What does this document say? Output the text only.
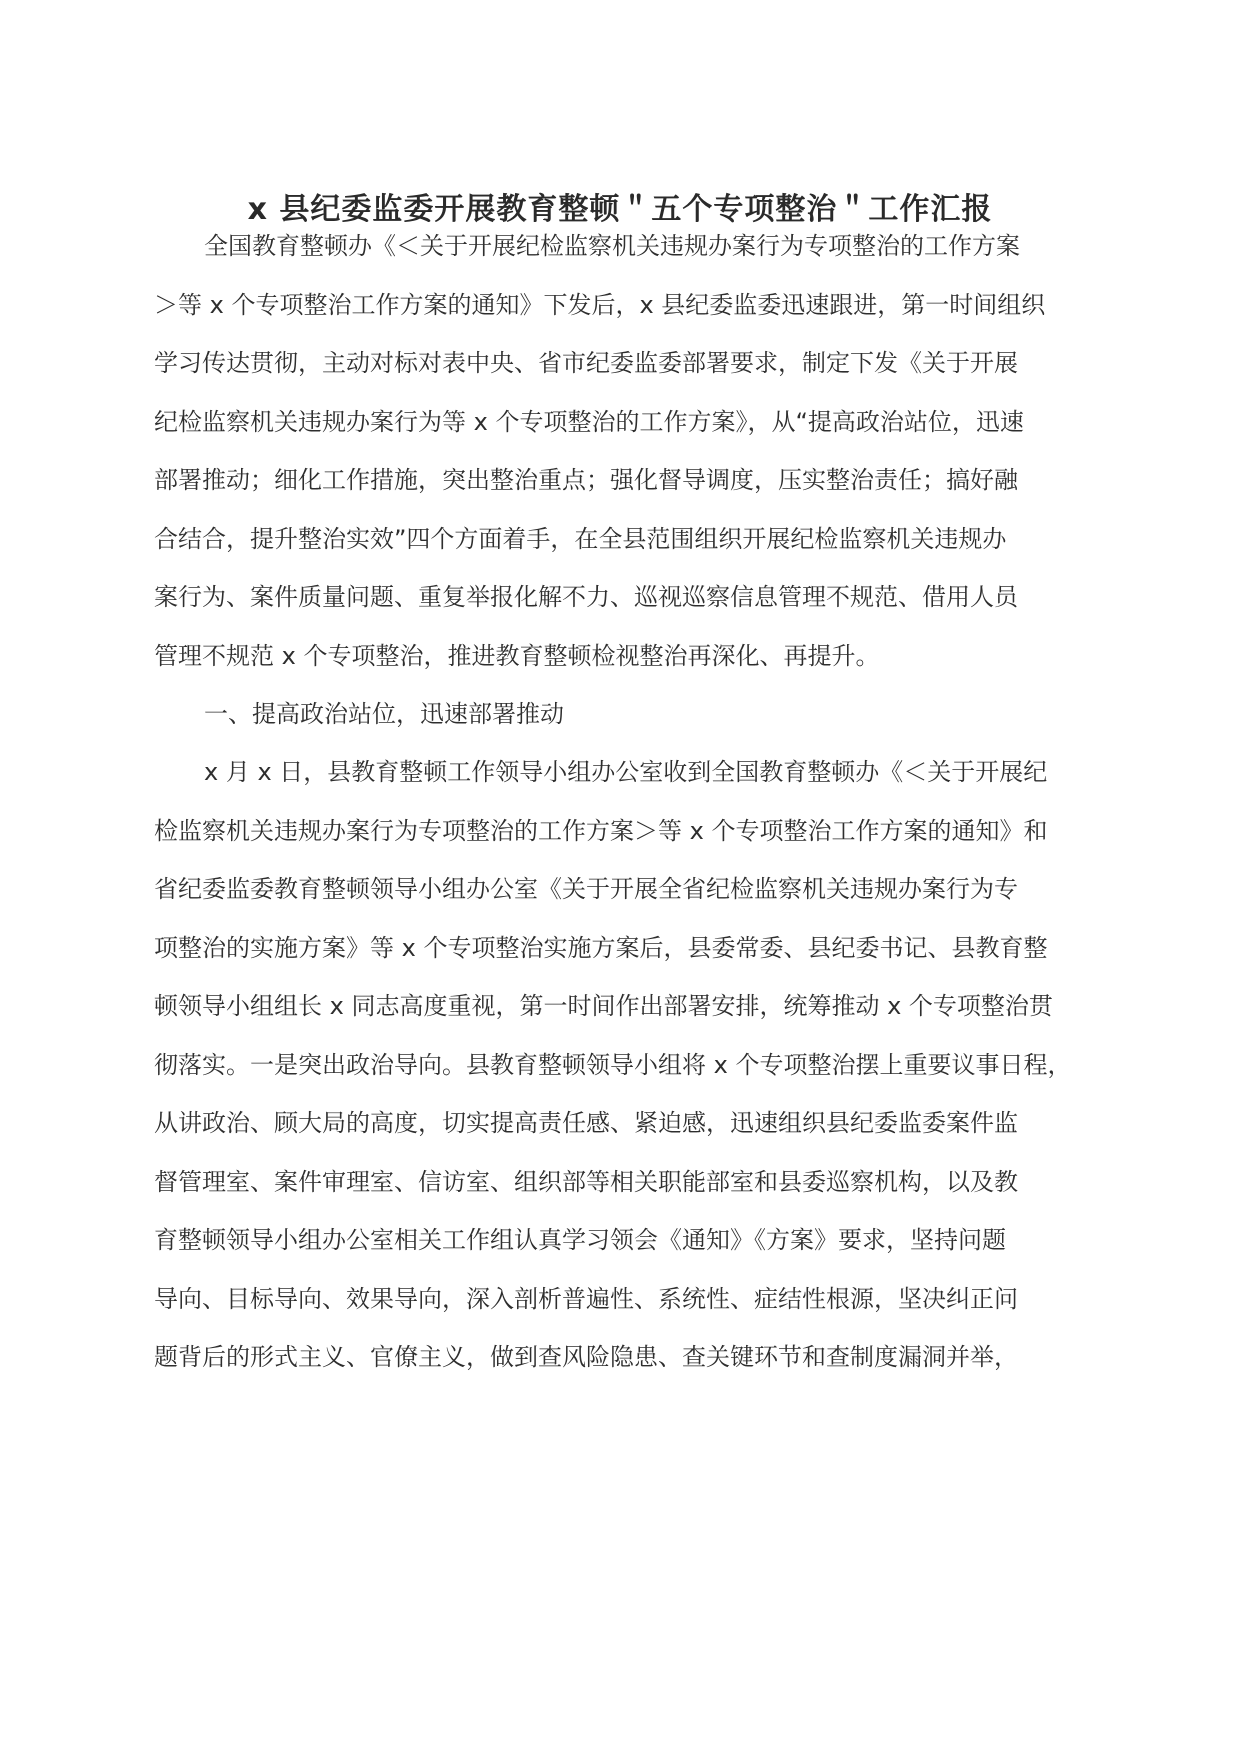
x 县纪委监委开展教育整顿＂五个专项整治＂工作汇报
全国教育整顿办《＜关于开展纪检监察机关违规办案行为专项整治的工作方案
＞等 x 个专项整治工作方案的通知》下发后，x 县纪委监委迅速跟进，第一时间组织
学习传达贯彻，主动对标对表中央、省市纪委监委部署要求，制定下发《关于开展
纪检监察机关违规办案行为等 x 个专项整治的工作方案》，从“提高政治站位，迅速
部署推动；细化工作措施，突出整治重点；强化督导调度，压实整治责任；搞好融
合结合，提升整治实效”四个方面着手，在全县范围组织开展纪检监察机关违规办
案行为、案件质量问题、重复举报化解不力、巡视巡察信息管理不规范、借用人员
管理不规范 x 个专项整治，推进教育整顿检视整治再深化、再提升。
一、提高政治站位，迅速部署推动
x 月 x 日，县教育整顿工作领导小组办公室收到全国教育整顿办《＜关于开展纪
检监察机关违规办案行为专项整治的工作方案＞等 x 个专项整治工作方案的通知》和
省纪委监委教育整顿领导小组办公室《关于开展全省纪检监察机关违规办案行为专
项整治的实施方案》等 x 个专项整治实施方案后，县委常委、县纪委书记、县教育整
顿领导小组组长 x 同志高度重视，第一时间作出部署安排，统筹推动 x 个专项整治贯
彻落实。一是突出政治导向。县教育整顿领导小组将 x 个专项整治摆上重要议事日程，
从讲政治、顾大局的高度，切实提高责任感、紧迫感，迅速组织县纪委监委案件监
督管理室、案件审理室、信访室、组织部等相关职能部室和县委巡察机构，以及教
育整顿领导小组办公室相关工作组认真学习领会《通知》《方案》要求，坚持问题
导向、目标导向、效果导向，深入剖析普遍性、系统性、症结性根源，坚决纠正问
题背后的形式主义、官僚主义，做到查风险隐患、查关键环节和查制度漏洞并举，
